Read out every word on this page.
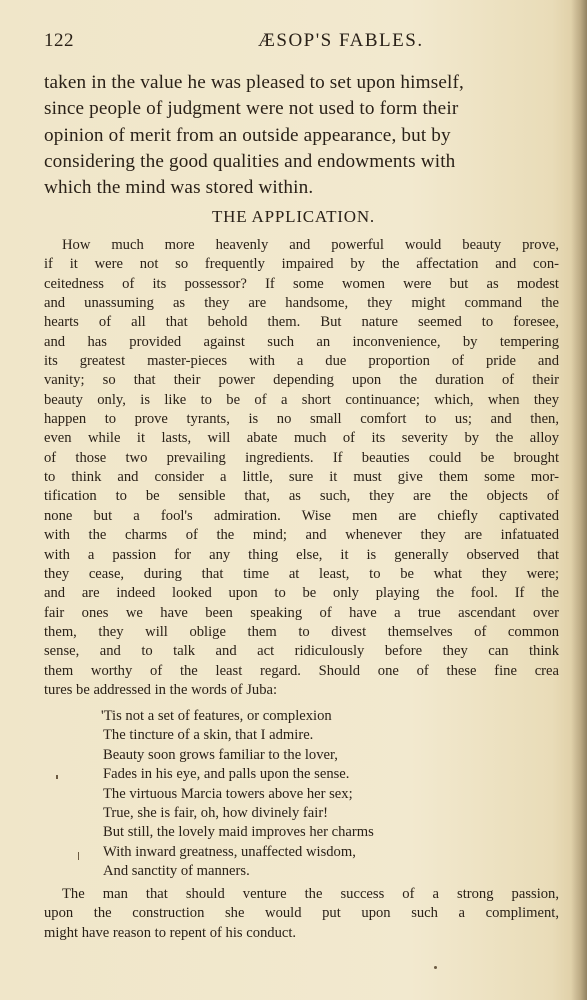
122	ÆSOP'S FABLES.
taken in the value he was pleased to set upon himself,
since people of judgment were not used to form their
opinion of merit from an outside appearance, but by
considering the good qualities and endowments with
which the mind was stored within.
THE APPLICATION.
How much more heavenly and powerful would beauty prove,
if it were not so frequently impaired by the affectation and con-
ceitedness of its possessor? If some women were but as modest
and unassuming as they are handsome, they might command the
hearts of all that behold them. But nature seemed to foresee,
and has provided against such an inconvenience, by tempering
its greatest master-pieces with a due proportion of pride and
vanity; so that their power depending upon the duration of their
beauty only, is like to be of a short continuance; which, when they
happen to prove tyrants, is no small comfort to us; and then,
even while it lasts, will abate much of its severity by the alloy
of those two prevailing ingredients. If beauties could be brought
to think and consider a little, sure it must give them some mor-
tification to be sensible that, as such, they are the objects of
none but a fool's admiration. Wise men are chiefly captivated
with the charms of the mind; and whenever they are infatuated
with a passion for any thing else, it is generally observed that
they cease, during that time at least, to be what they were;
and are indeed looked upon to be only playing the fool. If the
fair ones we have been speaking of have a true ascendant over
them, they will oblige them to divest themselves of common
sense, and to talk and act ridiculously before they can think
them worthy of the least regard. Should one of these fine crea
tures be addressed in the words of Juba:
'Tis not a set of features, or complexion
The tincture of a skin, that I admire.
Beauty soon grows familiar to the lover,
Fades in his eye, and palls upon the sense.
The virtuous Marcia towers above her sex;
True, she is fair, oh, how divinely fair!
But still, the lovely maid improves her charms
With inward greatness, unaffected wisdom,
And sanctity of manners.
The man that should venture the success of a strong passion,
upon the construction she would put upon such a compliment,
might have reason to repent of his conduct.
